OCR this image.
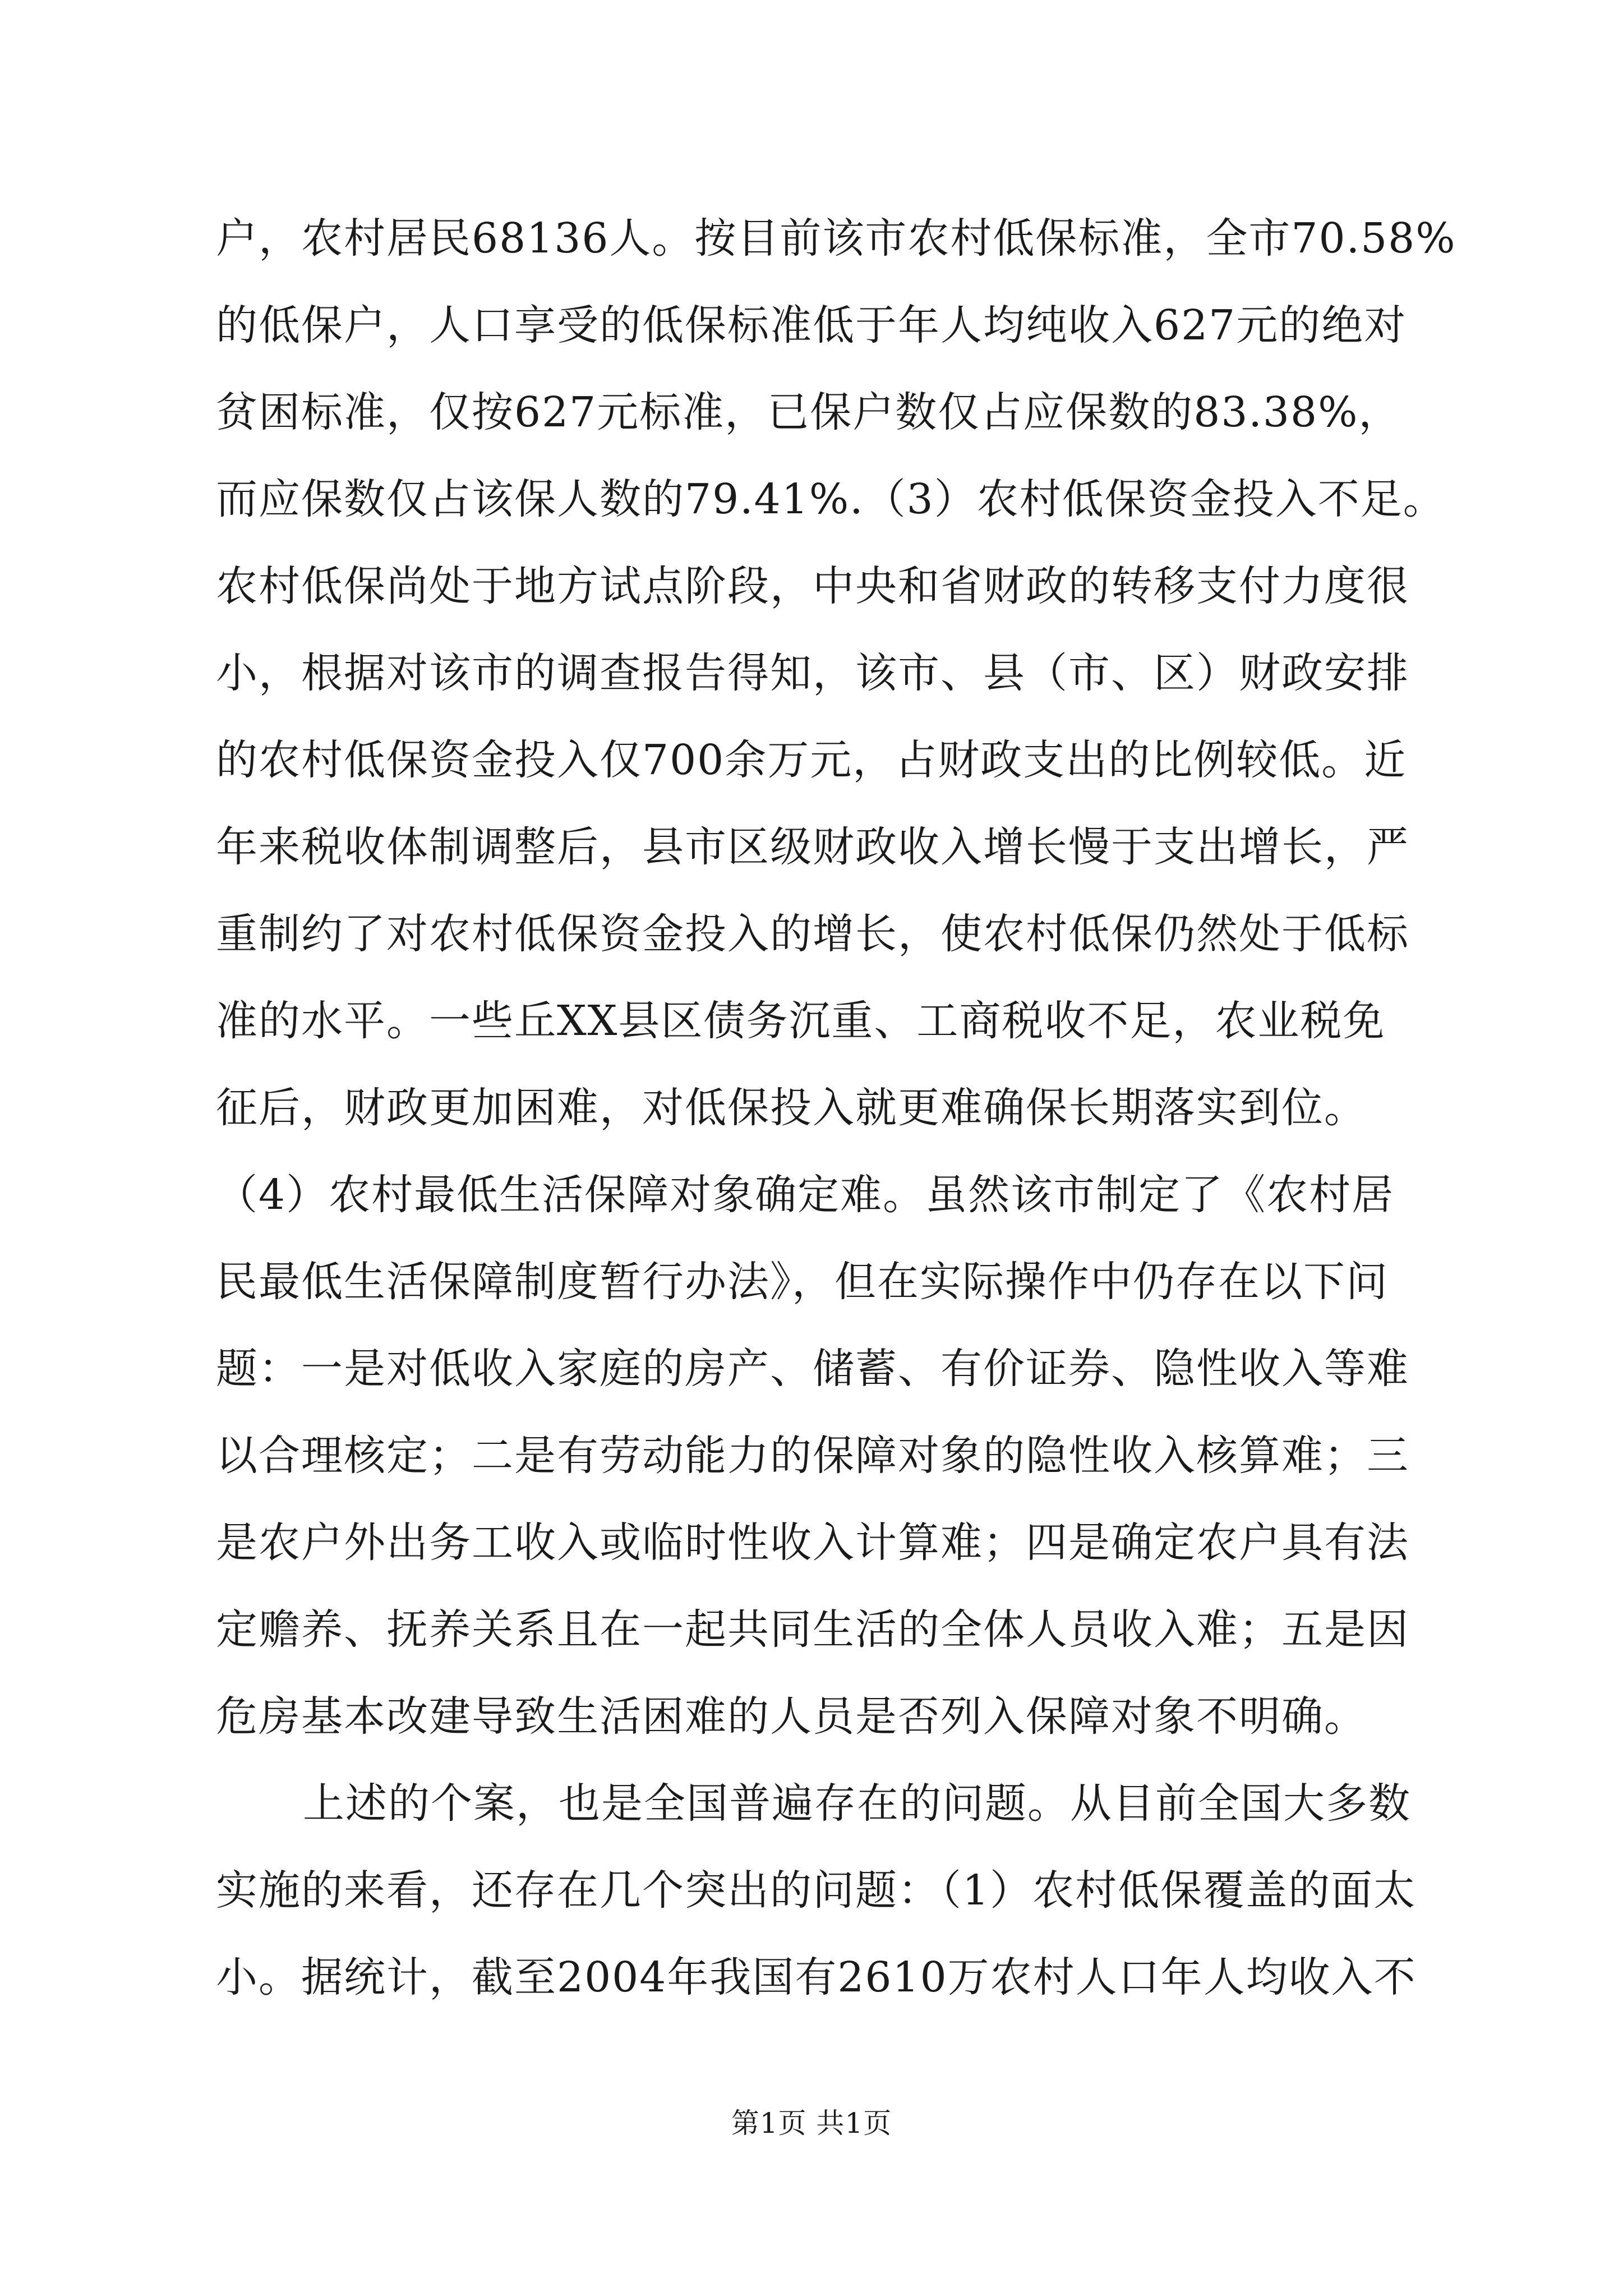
户，农村居民68136人。按目前该市农村低保标准，全市70.58%
的低保户，人口享受的低保标准低于年人均纯收入627元的绝对
贫困标准，仅按627元标准，已保户数仅占应保数的83.38%，
而应保数仅占该保人数的79.41%.（3）农村低保资金投入不足。
农村低保尚处于地方试点阶段，中央和省财政的转移支付力度很
小，根据对该市的调查报告得知，该市、县（市、区）财政安排
的农村低保资金投入仅700余万元，占财政支出的比例较低。近
年来税收体制调整后，县市区级财政收入增长慢于支出增长，严
重制约了对农村低保资金投入的增长，使农村低保仍然处于低标
准的水平。一些丘XX县区债务沉重、工商税收不足，农业税免
征后，财政更加困难，对低保投入就更难确保长期落实到位。
（4）农村最低生活保障对象确定难。虽然该市制定了《农村居
民最低生活保障制度暂行办法》，但在实际操作中仍存在以下问
题：一是对低收入家庭的房产、储蓄、有价证券、隐性收入等难
以合理核定；二是有劳动能力的保障对象的隐性收入核算难；三
是农户外出务工收入或临时性收入计算难；四是确定农户具有法
定赡养、抚养关系且在一起共同生活的全体人员收入难；五是因
危房基本改建导致生活困难的人员是否列入保障对象不明确。
上述的个案，也是全国普遍存在的问题。从目前全国大多数
实施的来看，还存在几个突出的问题：（1）农村低保覆盖的面太
小。据统计，截至2004年我国有2610万农村人口年人均收入不
第1页 共1页
